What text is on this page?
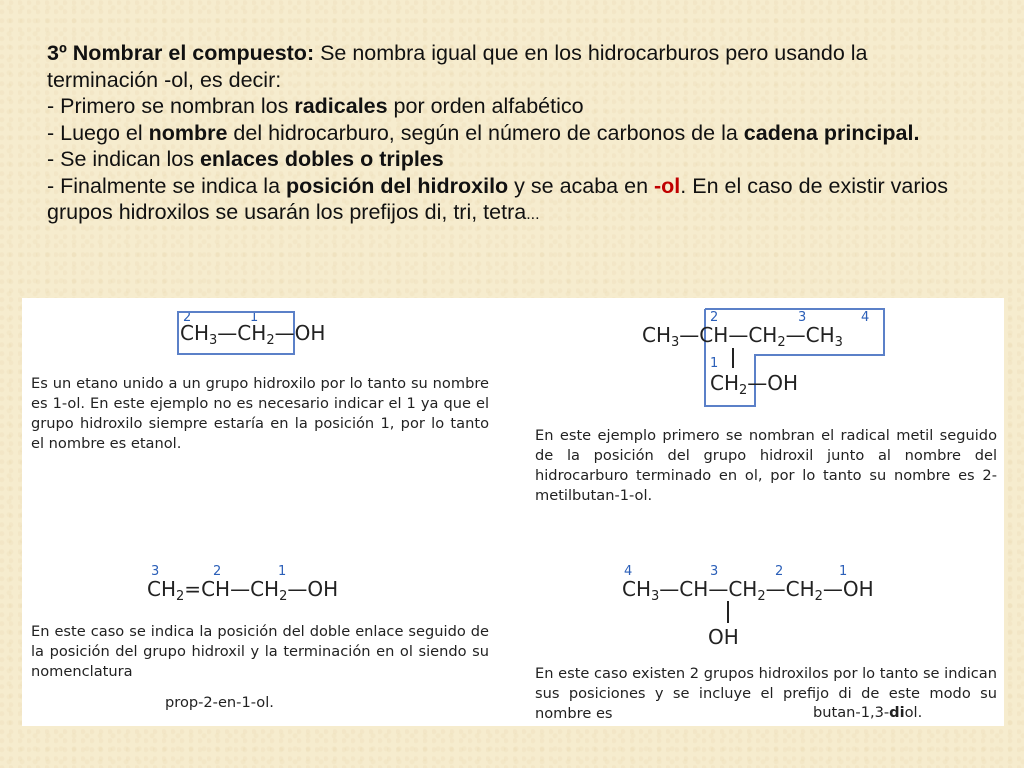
3º Nombrar el compuesto: Se nombra igual que en los hidrocarburos pero usando la terminación -ol, es decir:

- Primero se nombran los radicales por orden alfabético

- Luego el nombre del hidrocarburo, según el número de carbonos de la cadena principal.

- Se indican los enlaces dobles o triples

- Finalmente se indica la posición del hidroxilo y se acaba en -ol. En el caso de existir varios grupos hidroxilos se usarán los prefijos di, tri, tetra...

2	1
$CH_3—CH_2—OH$
Es un etano unido a un grupo hidroxilo por lo tanto su nombre es 1-ol. En este ejemplo no es necesario indicar el 1 ya que el grupo hidroxilo siempre estaría en la posición 1, por lo tanto el nombre es etanol.
2	3	4
1
$CH_3—CH—CH_2—CH_3$
$CH_2—OH$
En este ejemplo primero se nombran el radical metil seguido de la posición del grupo hidroxil junto al nombre del hidrocarburo terminado en ol, por lo tanto su nombre es 2-metilbutan-1-ol.
3	2	1
$CH_2=CH—CH_2—OH$
En este caso se indica la posición del doble enlace seguido de la posición del grupo hidroxil y la terminación en ol siendo su nomenclatura
prop-2-en-1-ol.
4	3	2	1
$CH_3—CH—CH_2—CH_2—OH$
OH
En este caso existen 2 grupos hidroxilos por lo tanto se indican sus posiciones y se incluye el prefijo di de este modo su nombre es	butan-1,3-diol.
